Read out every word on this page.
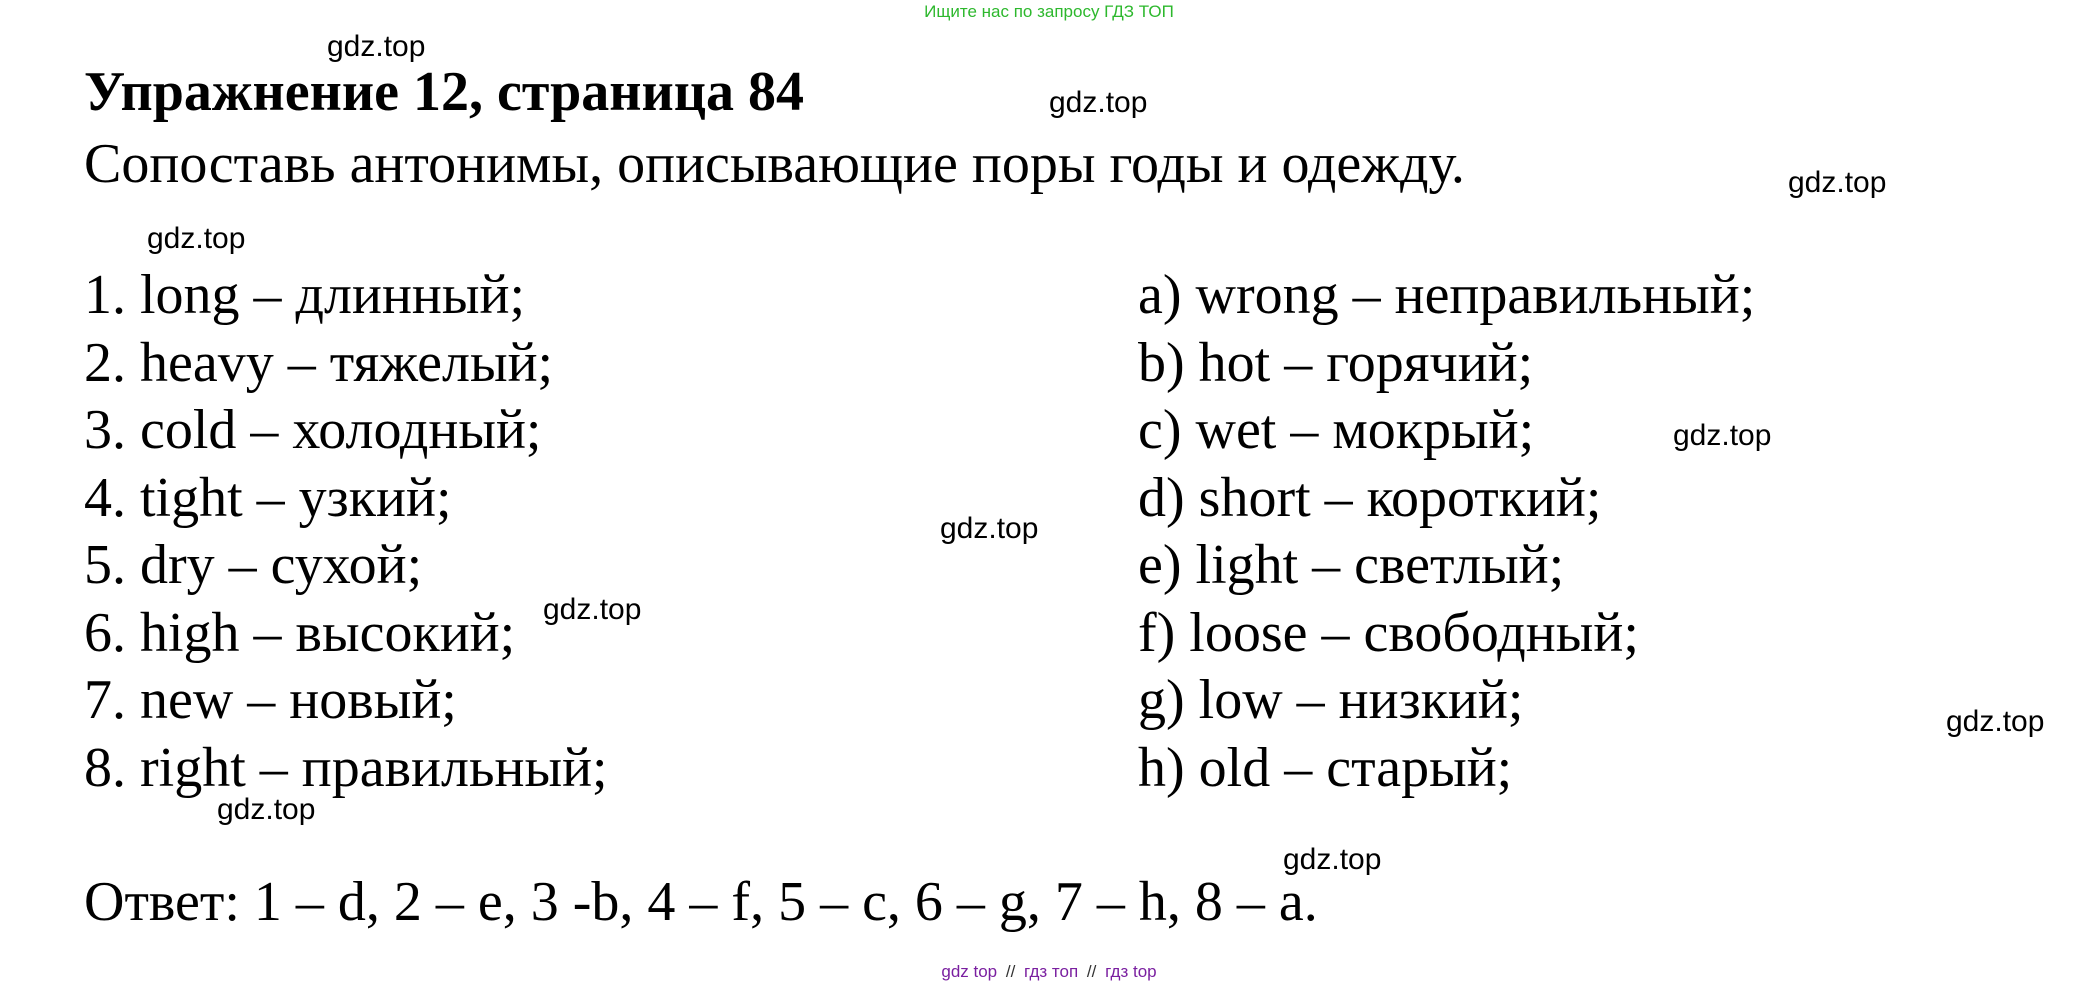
Ищите нас по запросу ГДЗ ТОП
Упражнение 12, страница 84

Сопоставь антонимы, описывающие поры годы и одежду.

1. long – длинный;
2. heavy – тяжелый;
3. cold – холодный;
4. tight – узкий;
5. dry – сухой;
6. high – высокий;
7. new – новый;
8. right – правильный;
a) wrong – неправильный;
b) hot – горячий;
c) wet – мокрый;
d) short – короткий;
e) light – светлый;
f) loose – свободный;
g) low – низкий;
h) old – старый;

Ответ: 1 – d, 2 – e, 3 -b, 4 – f, 5 – c, 6 – g, 7 – h, 8 – a.

gdz.top
gdz.top
gdz.top
gdz.top
gdz.top
gdz.top
gdz.top
gdz.top
gdz.top
gdz.top
gdz top // гдз топ // гдз top
